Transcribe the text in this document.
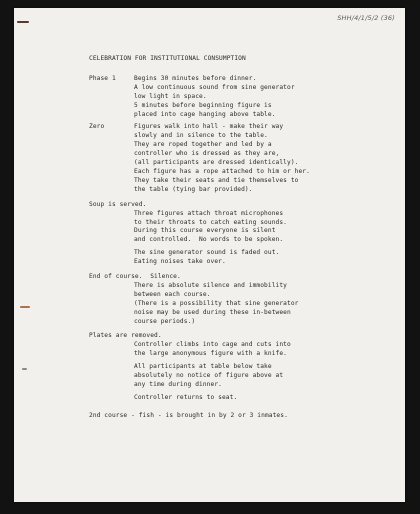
SHH/4/1/5/2 (36)
CELEBRATION FOR INSTITUTIONAL CONSUMPTION
Phase 1	Begins 30 minutes before dinner.
A low continuous sound from sine generator
low light in space.
5 minutes before beginning figure is
placed into cage hanging above table.
Zero	Figures walk into hall - make their way
slowly and in silence to the table.
They are roped together and led by a
controller who is dressed as they are,
(all participants are dressed identically).
Each figure has a rope attached to him or her.
They take their seats and tie themselves to
the table (tying bar provided).
Soup is served.
Three figures attach throat microphones
to their throats to catch eating sounds.
During this course everyone is silent
and controlled.  No words to be spoken.
The sine generator sound is faded out.
Eating noises take over.
End of course.  Silence.
There is absolute silence and immobility
between each course.
(There is a possibility that sine generator
noise may be used during these in-between
course periods.)
Plates are removed.
Controller climbs into cage and cuts into
the large anonymous figure with a knife.
All participants at table below take
absolutely no notice of figure above at
any time during dinner.
Controller returns to seat.
2nd course - fish - is brought in by 2 or 3 inmates.
